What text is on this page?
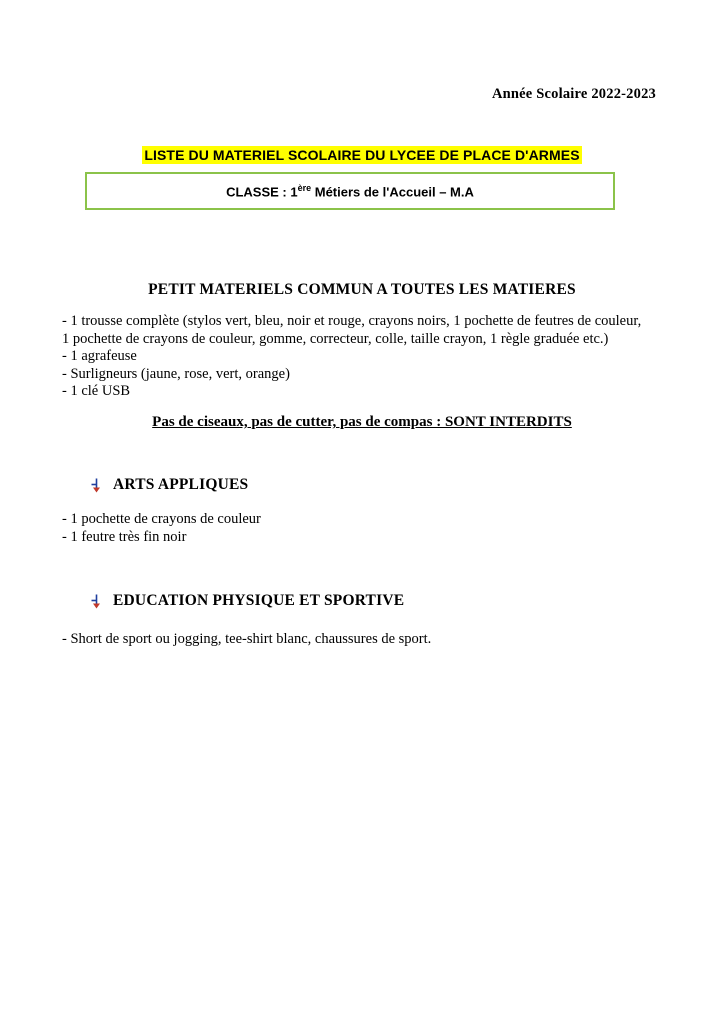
Année Scolaire 2022-2023
LISTE DU MATERIEL SCOLAIRE DU LYCEE DE PLACE D'ARMES
CLASSE : 1ère Métiers de l'Accueil – M.A
PETIT MATERIELS COMMUN A TOUTES LES MATIERES
- 1 trousse complète (stylos vert, bleu, noir et rouge, crayons noirs, 1 pochette de feutres de couleur,
1 pochette de crayons de couleur, gomme, correcteur, colle, taille crayon, 1 règle graduée etc.)
- 1 agrafeuse
- Surligneurs (jaune, rose, vert, orange)
- 1 clé USB
Pas de ciseaux, pas de cutter, pas de compas : SONT INTERDITS
ARTS APPLIQUES
- 1 pochette de crayons de couleur
- 1 feutre très fin noir
EDUCATION PHYSIQUE ET SPORTIVE
- Short de sport ou jogging, tee-shirt blanc, chaussures de sport.
